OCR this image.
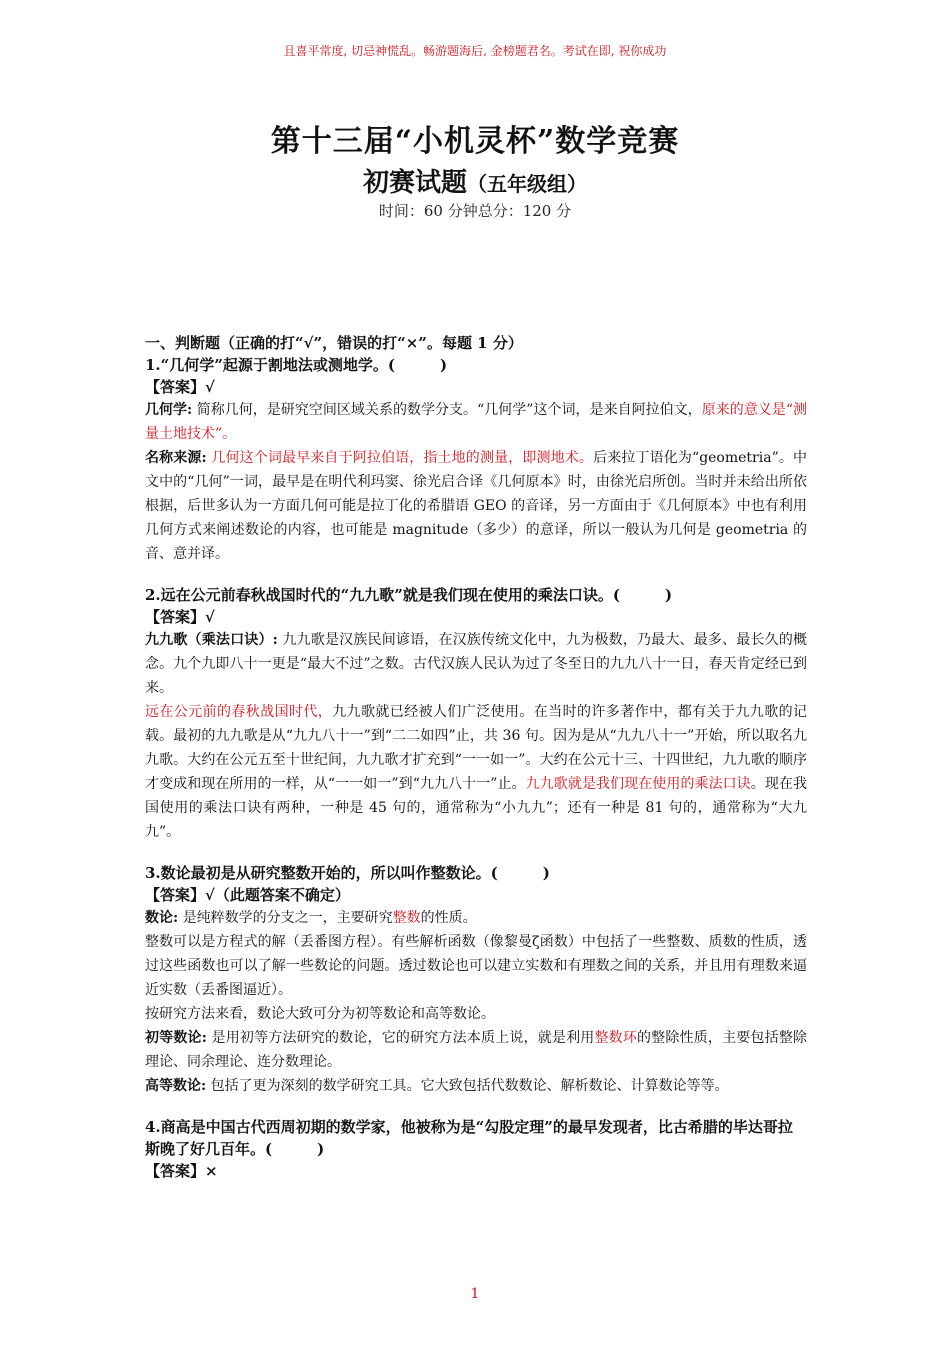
且喜平常度, 切忌神慌乱。畅游题海后, 金榜题君名。考试在即, 祝你成功
第十三届“小机灵杯”数学竞赛
初赛试题（五年级组）
时间：60 分钟总分：120 分
一、判断题（正确的打“√”，错误的打“×”。每题 1 分）
1.“几何学”起源于割地法或测地学。(　　　)
【答案】√
几何学: 简称几何，是研究空间区域关系的数学分支。“几何学”这个词，是来自阿拉伯文，原来的意义是“测量土地技术”。
名称来源: 几何这个词最早来自于阿拉伯语，指土地的测量，即测地术。后来拉丁语化为“geometria”。中文中的“几何”一词，最早是在明代利玛窦、徐光启合译《几何原本》时，由徐光启所创。当时并未给出所依根据，后世多认为一方面几何可能是拉丁化的希腊语 GEO 的音译，另一方面由于《几何原本》中也有利用几何方式来阐述数论的内容，也可能是 magnitude（多少）的意译，所以一般认为几何是 geometria 的音、意并译。
2.远在公元前春秋战国时代的“九九歌”就是我们现在使用的乘法口诀。(　　　)
【答案】√
九九歌（乘法口诀）: 九九歌是汉族民间谚语，在汉族传统文化中，九为极数，乃最大、最多、最长久的概念。九个九即八十一更是“最大不过”之数。古代汉族人民认为过了冬至日的九九八十一日，春天肯定经已到来。
远在公元前的春秋战国时代，九九歌就已经被人们广泛使用。在当时的许多著作中，都有关于九九歌的记载。最初的九九歌是从“九九八十一”到“二二如四”止，共 36 句。因为是从“九九八十一”开始，所以取名九九歌。大约在公元五至十世纪间，九九歌才扩充到“一一如一”。大约在公元十三、十四世纪，九九歌的顺序才变成和现在所用的一样，从“一一如一”到“九九八十一”止。九九歌就是我们现在使用的乘法口诀。现在我国使用的乘法口诀有两种，一种是 45 句的，通常称为“小九九”；还有一种是 81 句的，通常称为“大九九”。
3.数论最初是从研究整数开始的，所以叫作整数论。(　　　)
【答案】√（此题答案不确定）
数论: 是纯粹数学的分支之一，主要研究整数的性质。
整数可以是方程式的解（丢番图方程）。有些解析函数（像黎曼ζ函数）中包括了一些整数、质数的性质，透过这些函数也可以了解一些数论的问题。透过数论也可以建立实数和有理数之间的关系，并且用有理数来逼近实数（丢番图逼近）。
按研究方法来看，数论大致可分为初等数论和高等数论。
初等数论: 是用初等方法研究的数论，它的研究方法本质上说，就是利用整数环的整除性质，主要包括整除理论、同余理论、连分数理论。
高等数论: 包括了更为深刻的数学研究工具。它大致包括代数数论、解析数论、计算数论等等。
4.商高是中国古代西周初期的数学家，他被称为是“勾股定理”的最早发现者，比古希腊的毕达哥拉斯晚了好几百年。(　　　)
【答案】×
1
